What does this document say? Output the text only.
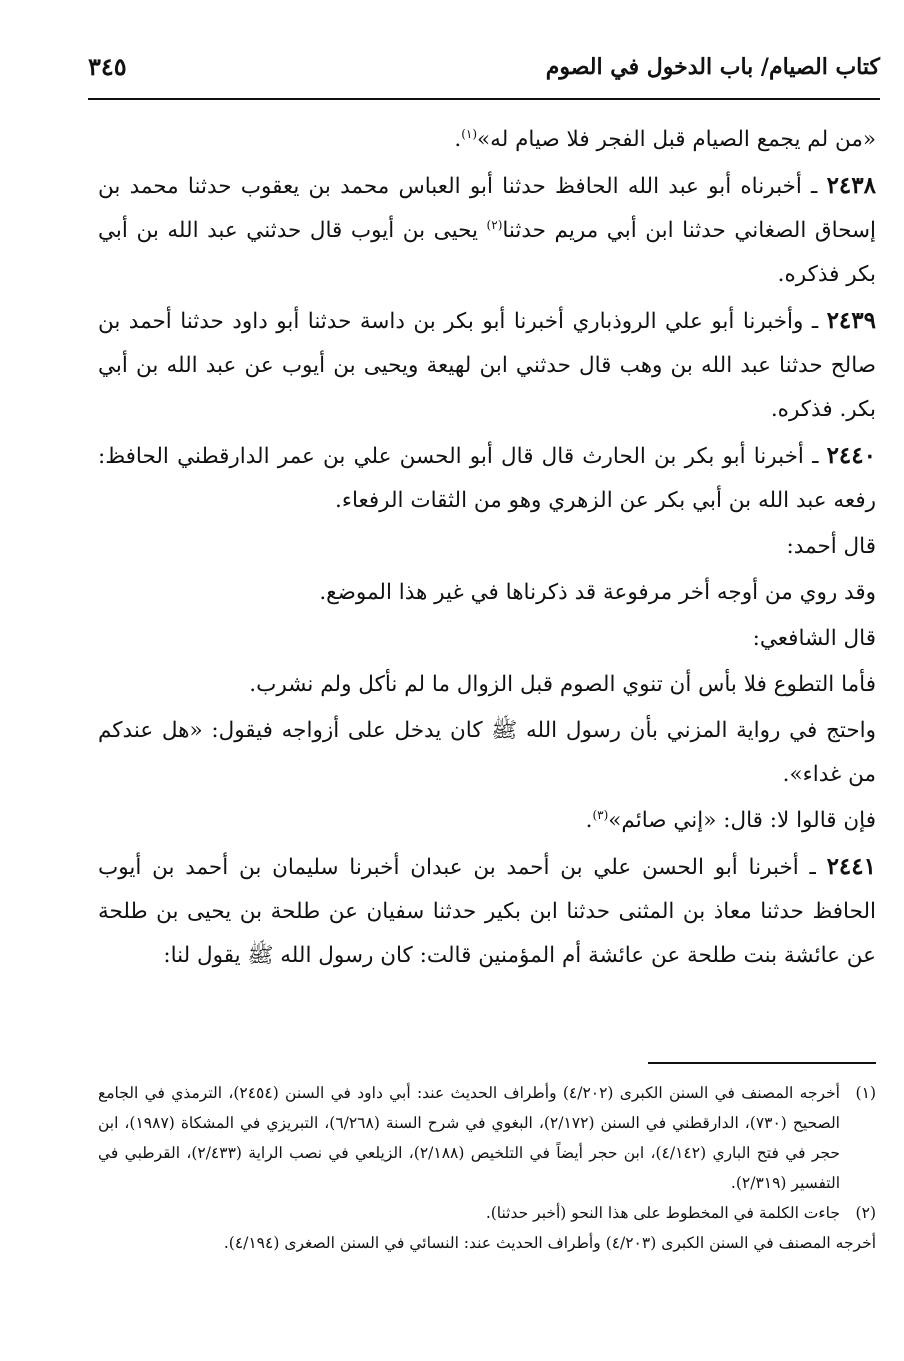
كتاب الصيام/ باب الدخول في الصوم
٣٤٥

«من لم يجمع الصيام قبل الفجر فلا صيام له»$^{(١)}$.

٢٤٣٨ ـ أخبرناه أبو عبد الله الحافظ حدثنا أبو العباس محمد بن يعقوب حدثنا محمد بن إسحاق الصغاني حدثنا ابن أبي مريم حدثنا$^{(٢)}$ يحيى بن أيوب قال حدثني عبد الله بن أبي بكر فذكره.

٢٤٣٩ ـ وأخبرنا أبو علي الروذباري أخبرنا أبو بكر بن داسة حدثنا أبو داود حدثنا أحمد بن صالح حدثنا عبد الله بن وهب قال حدثني ابن لهيعة ويحيى بن أيوب عن عبد الله بن أبي بكر. فذكره.

٢٤٤٠ ـ أخبرنا أبو بكر بن الحارث قال قال أبو الحسن علي بن عمر الدارقطني الحافظ: رفعه عبد الله بن أبي بكر عن الزهري وهو من الثقات الرفعاء.

قال أحمد:

وقد روي من أوجه أخر مرفوعة قد ذكرناها في غير هذا الموضع.

قال الشافعي:

فأما التطوع فلا بأس أن تنوي الصوم قبل الزوال ما لم نأكل ولم نشرب.

واحتج في رواية المزني بأن رسول الله ﷺ كان يدخل على أزواجه فيقول: «هل عندكم من غداء».

فإن قالوا لا: قال: «إني صائم»$^{(٣)}$.

٢٤٤١ ـ أخبرنا أبو الحسن علي بن أحمد بن عبدان أخبرنا سليمان بن أحمد بن أيوب الحافظ حدثنا معاذ بن المثنى حدثنا ابن بكير حدثنا سفيان عن طلحة بن يحيى بن طلحة عن عائشة بنت طلحة عن عائشة أم المؤمنين قالت: كان رسول الله ﷺ يقول لنا:

(١)
أخرجه المصنف في السنن الكبرى (٤/٢٠٢) وأطراف الحديث عند: أبي داود في السنن (٢٤٥٤)، الترمذي في الجامع الصحيح (٧٣٠)، الدارقطني في السنن (٢/١٧٢)، البغوي في شرح السنة (٦/٢٦٨)، التبريزي في المشكاة (١٩٨٧)، ابن حجر في فتح الباري (٤/١٤٢)، ابن حجر أيضاً في التلخيص (٢/١٨٨)، الزيلعي في نصب الراية (٢/٤٣٣)، القرطبي في التفسير (٢/٣١٩).

(٢)
جاءت الكلمة في المخطوط على هذا النحو (أخبر حدثنا).

أخرجه المصنف في السنن الكبرى (٤/٢٠٣) وأطراف الحديث عند: النسائي في السنن الصغرى (٤/١٩٤).
